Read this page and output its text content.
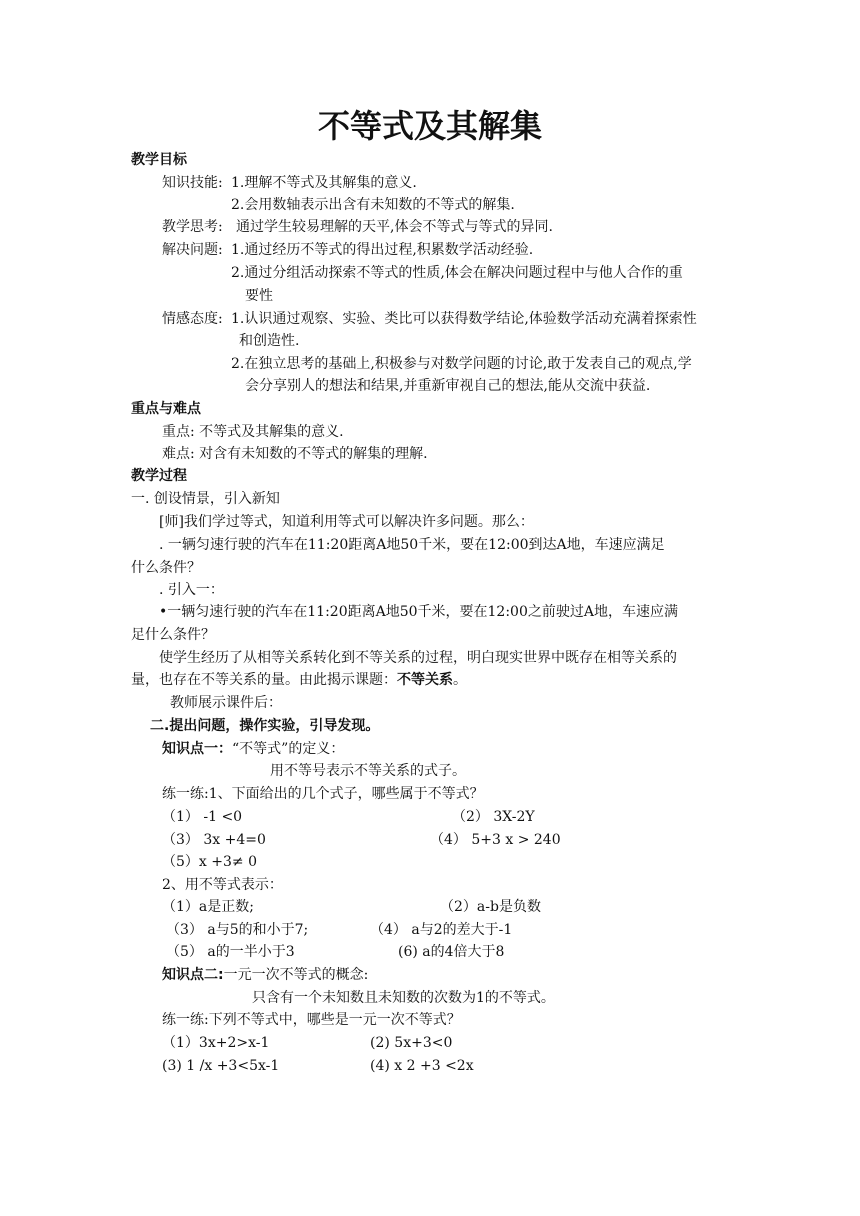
不等式及其解集
教学目标
知识技能: 1.理解不等式及其解集的意义.
2.会用数轴表示出含有未知数的不等式的解集.
教学思考: 通过学生较易理解的天平,体会不等式与等式的异同.
解决问题: 1.通过经历不等式的得出过程,积累数学活动经验.
2.通过分组活动探索不等式的性质,体会在解决问题过程中与他人合作的重
要性
情感态度: 1.认识通过观察、实验、类比可以获得数学结论,体验数学活动充满着探索性
和创造性.
2.在独立思考的基础上,积极参与对数学问题的讨论,敢于发表自己的观点,学
会分享别人的想法和结果,并重新审视自己的想法,能从交流中获益.
重点与难点
重点: 不等式及其解集的意义.
难点: 对含有未知数的不等式的解集的理解.
教学过程
一. 创设情景，引入新知
[师]我们学过等式，知道利用等式可以解决许多问题。那么：
. 一辆匀速行驶的汽车在11:20距离A地50千米，要在12:00到达A地，车速应满足
什么条件？
. 引入一：
•一辆匀速行驶的汽车在11:20距离A地50千米，要在12:00之前驶过A地，车速应满
足什么条件？
使学生经历了从相等关系转化到不等关系的过程，明白现实世界中既存在相等关系的
量，也存在不等关系的量。由此揭示课题：不等关系。
教师展示课件后：
二.提出问题，操作实验，引导发现。
知识点一：“不等式”的定义：
用不等号表示不等关系的式子。
练一练:1、下面给出的几个式子，哪些属于不等式？
（1） -1 <0	（2） 3X-2Y
（3） 3x +4=0	（4） 5+3 x > 240
（5）x +3≠ 0
2、用不等式表示：
（1）a是正数;	（2）a-b是负数
（3） a与5的和小于7;	（4） a与2的差大于-1
（5） a的一半小于3	(6) a的4倍大于8
知识点二:一元一次不等式的概念:
只含有一个未知数且未知数的次数为1的不等式。
练一练:下列不等式中，哪些是一元一次不等式？
（1）3x+2>x-1	(2) 5x+3<0
(3) 1 /x +3<5x-1	(4) x 2 +3 <2x
